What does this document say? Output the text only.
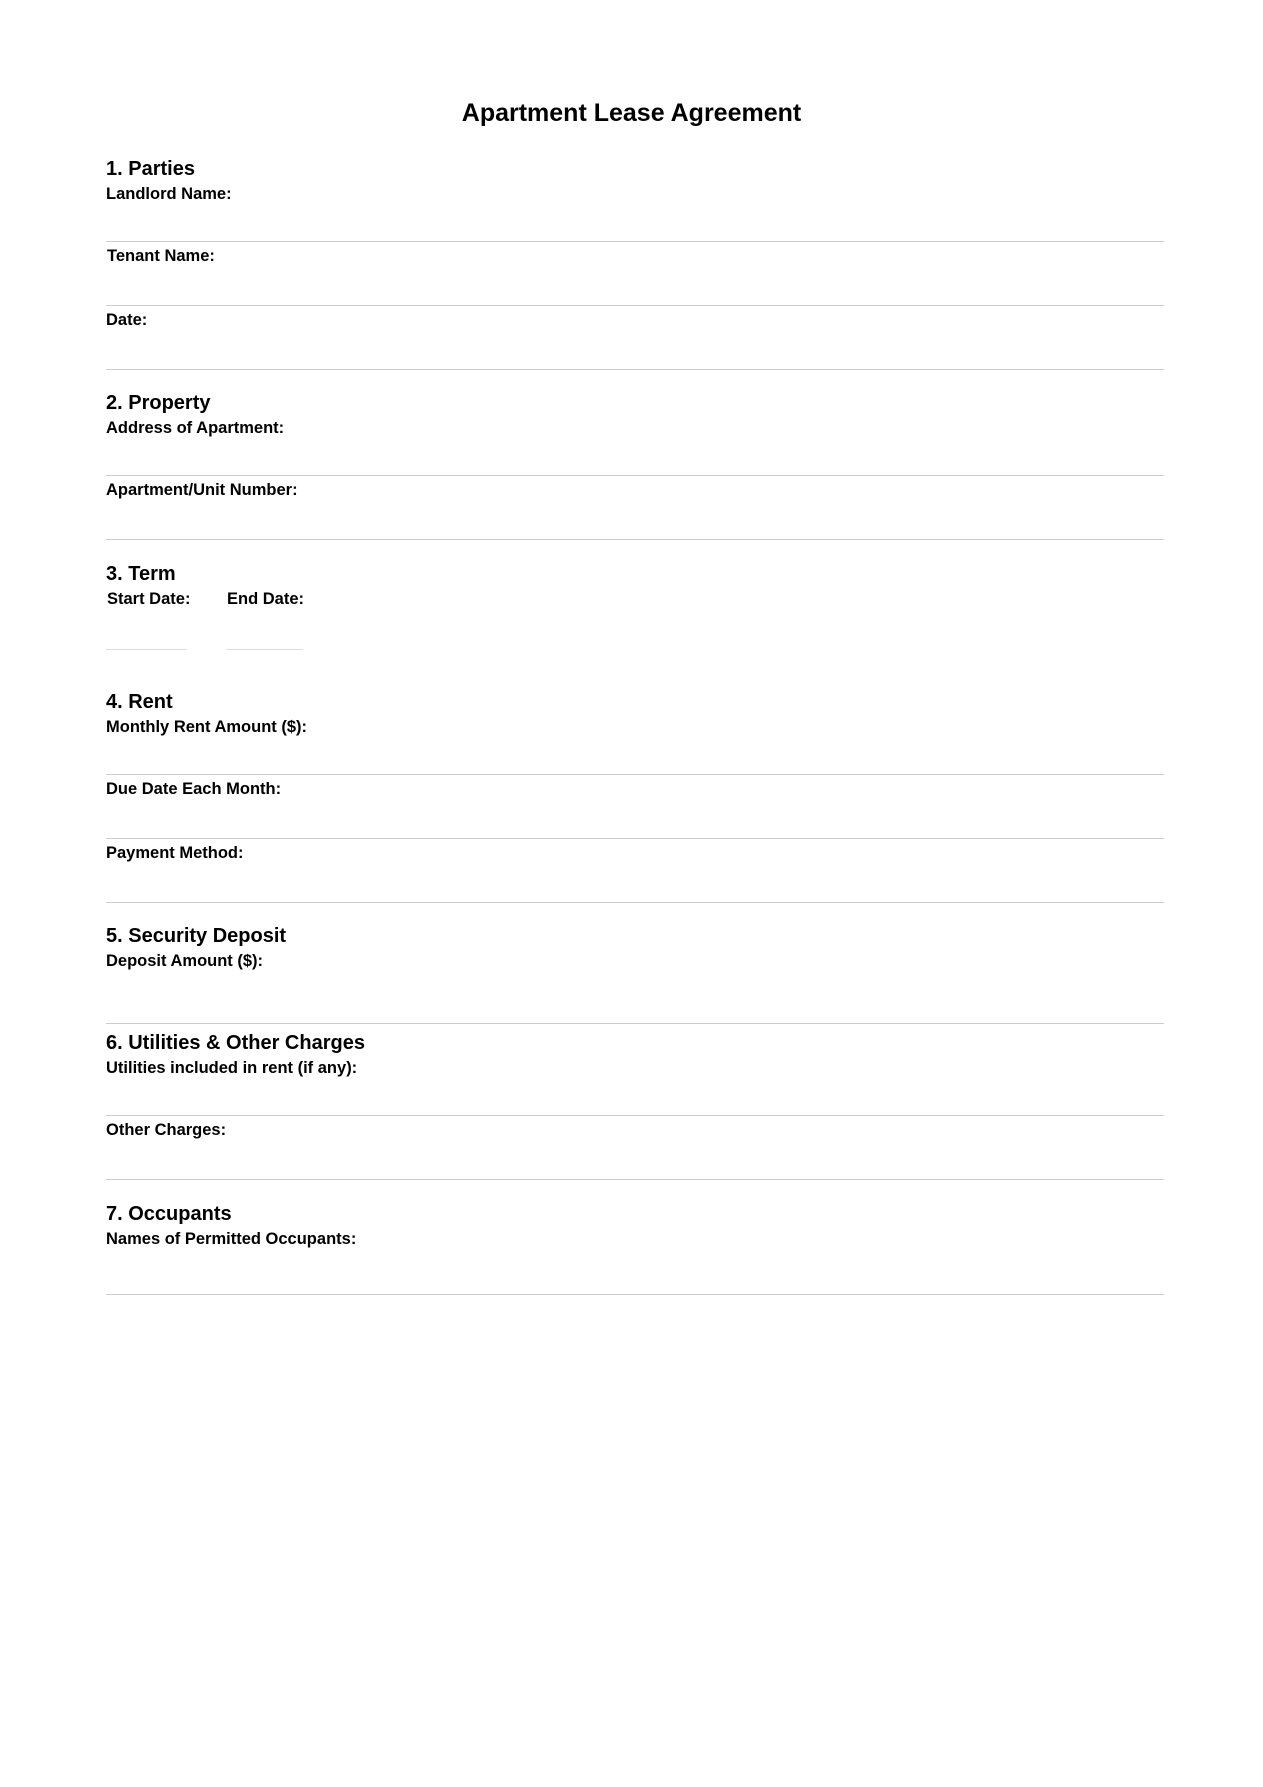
Apartment Lease Agreement
1. Parties
Landlord Name:
Tenant Name:
Date:
2. Property
Address of Apartment:
Apartment/Unit Number:
3. Term
Start Date: End Date:
4. Rent
Monthly Rent Amount ($):
Due Date Each Month:
Payment Method:
5. Security Deposit
Deposit Amount ($):
6. Utilities & Other Charges
Utilities included in rent (if any):
Other Charges:
7. Occupants
Names of Permitted Occupants:
